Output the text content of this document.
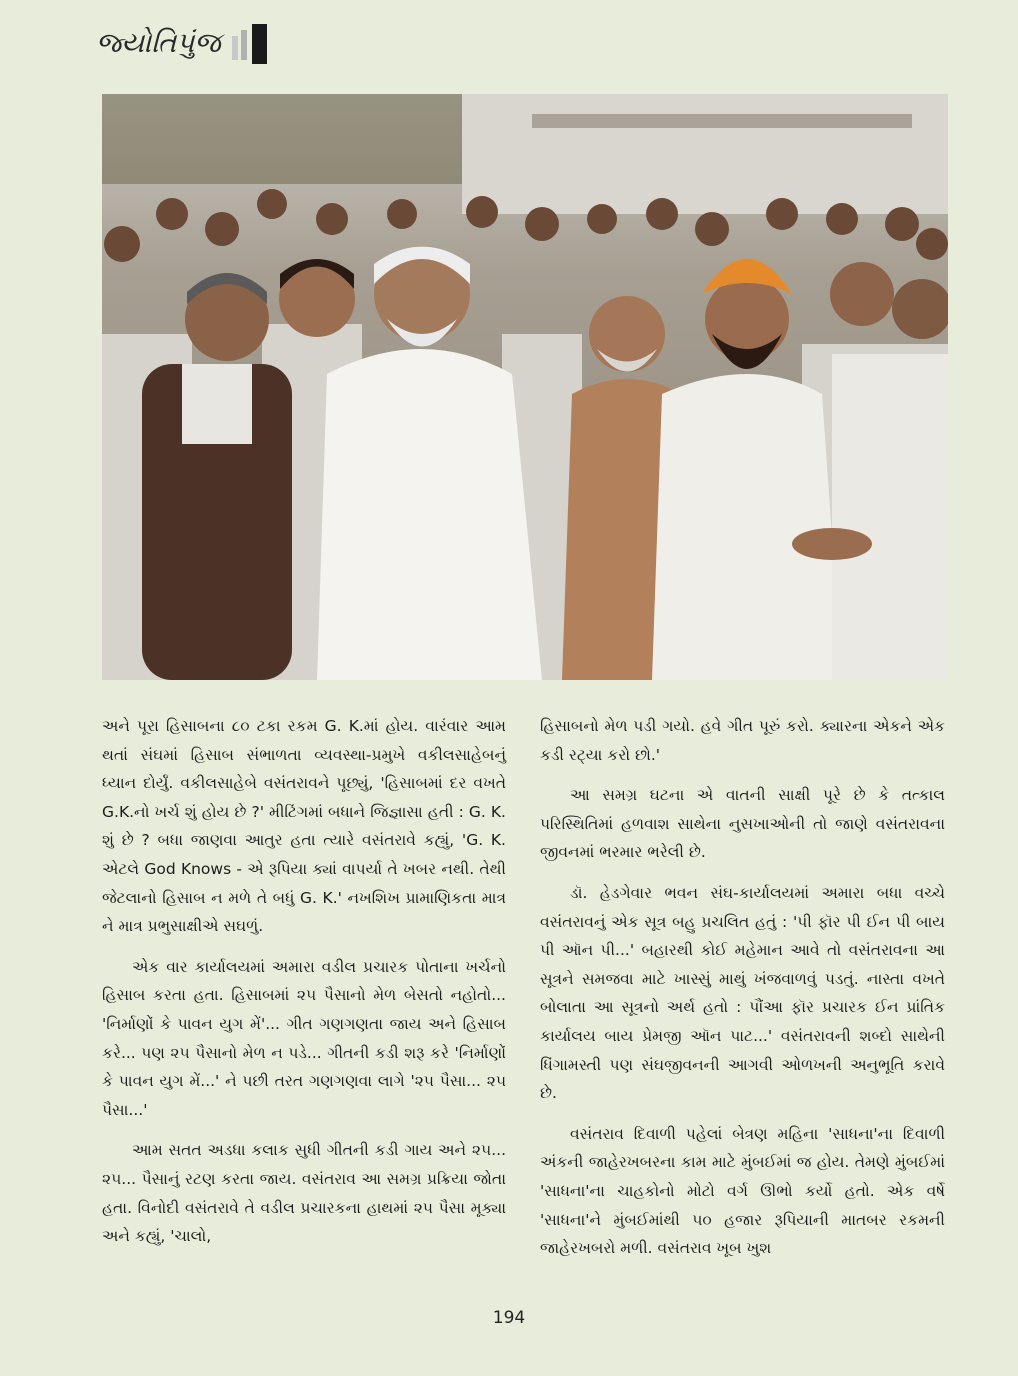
જ્યોતિપુંજ

અને પૂરા હિસાબના ૮૦ ટકા રકમ G. K.માં હોય. વારંવાર આમ થતાં સંઘમાં હિસાબ સંભાળતા વ્યવસ્થા-પ્રમુખે વકીલસાહેબનું ધ્યાન દોર્યું. વકીલસાહેબે વસંતરાવને પૂછ્યું, 'હિસાબમાં દર વખતે G.K.નો ખર્ચ શું હોય છે ?' મીટિંગમાં બધાને જિજ્ઞાસા હતી : G. K. શું છે ? બધા જાણવા આતુર હતા ત્યારે વસંતરાવે કહ્યું, 'G. K. એટલે God Knows - એ રૂપિયા ક્યાં વાપર્યા તે ખબર નથી. તેથી જેટલાનો હિસાબ ન મળે તે બધું G. K.' નખશિખ પ્રામાણિકતા માત્ર ને માત્ર પ્રભુસાક્ષીએ સઘળું.

એક વાર કાર્યાલયમાં અમારા વડીલ પ્રચારક પોતાના ખર્ચનો હિસાબ કરતા હતા. હિસાબમાં ૨૫ પૈસાનો મેળ બેસતો નહોતો... 'નિર્માણોં કે પાવન યુગ મેં'... ગીત ગણગણતા જાય અને હિસાબ કરે... પણ ૨૫ પૈસાનો મેળ ન પડે... ગીતની કડી શરૂ કરે 'નિર્માણોં કે પાવન યુગ મેં...' ને પછી તરત ગણગણવા લાગે '૨૫ પૈસા... ૨૫ પૈસા...'

આમ સતત અડધા કલાક સુધી ગીતની કડી ગાય અને ૨૫... ૨૫... પૈસાનું રટણ કરતા જાય. વસંતરાવ આ સમગ્ર પ્રક્રિયા જોતા હતા. વિનોદી વસંતરાવે તે વડીલ પ્રચારકના હાથમાં ૨૫ પૈસા મૂક્યા અને કહ્યું, 'ચાલો,

હિસાબનો મેળ પડી ગયો. હવે ગીત પૂરું કરો. ક્યારના એકને એક કડી રટ્યા કરો છો.'

આ સમગ્ર ઘટના એ વાતની સાક્ષી પૂરે છે કે તત્કાલ પરિસ્થિતિમાં હળવાશ સાથેના નુસખાઓની તો જાણે વસંતરાવના જીવનમાં ભરમાર ભરેલી છે.

ડૉ. હેડગેવાર ભવન સંઘ-કાર્યાલયમાં અમારા બધા વચ્ચે વસંતરાવનું એક સૂત્ર બહુ પ્રચલિત હતું : 'પી ફૉર પી ઈન પી બાય પી ઑન પી...' બહારથી કોઈ મહેમાન આવે તો વસંતરાવના આ સૂત્રને સમજવા માટે ખાસ્સું માથું ખંજવાળવું પડતું. નાસ્તા વખતે બોલાતા આ સૂત્રનો અર્થ હતો : પૌંઆ ફૉર પ્રચારક ઈન પ્રાંતિક કાર્યાલય બાય પ્રેમજી ઑન પાટ...' વસંતરાવની શબ્દો સાથેની ધિંગામસ્તી પણ સંઘજીવનની આગવી ઓળખની અનુભૂતિ કરાવે છે.

વસંતરાવ દિવાળી પહેલાં બેત્રણ મહિના 'સાધના'ના દિવાળી અંકની જાહેરખબરના કામ માટે મુંબઈમાં જ હોય. તેમણે મુંબઈમાં 'સાધના'ના ચાહકોનો મોટો વર્ગ ઊભો કર્યો હતો. એક વર્ષે 'સાધના'ને મુંબઈમાંથી ૫૦ હજાર રૂપિયાની માતબર રકમની જાહેરખબરો મળી. વસંતરાવ ખૂબ ખુશ

194
